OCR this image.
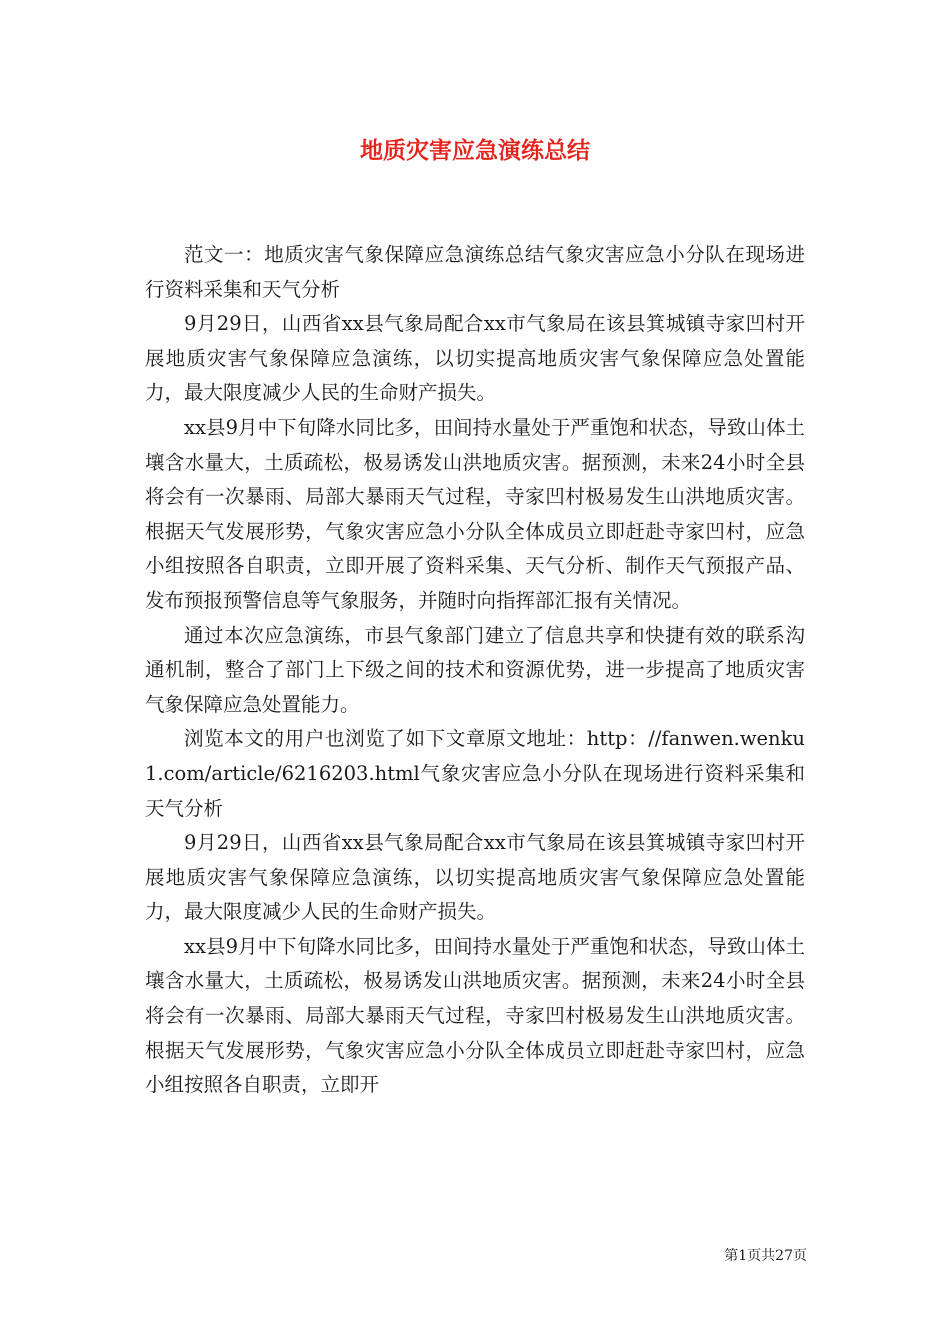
地质灾害应急演练总结

范文一：地质灾害气象保障应急演练总结气象灾害应急小分队在现场进行资料采集和天气分析

9月29日，山西省xx县气象局配合xx市气象局在该县箕城镇寺家凹村开展地质灾害气象保障应急演练，以切实提高地质灾害气象保障应急处置能力，最大限度减少人民的生命财产损失。

xx县9月中下旬降水同比多，田间持水量处于严重饱和状态，导致山体土壤含水量大，土质疏松，极易诱发山洪地质灾害。据预测，未来24小时全县将会有一次暴雨、局部大暴雨天气过程，寺家凹村极易发生山洪地质灾害。根据天气发展形势，气象灾害应急小分队全体成员立即赶赴寺家凹村，应急小组按照各自职责，立即开展了资料采集、天气分析、制作天气预报产品、发布预报预警信息等气象服务，并随时向指挥部汇报有关情况。

通过本次应急演练，市县气象部门建立了信息共享和快捷有效的联系沟通机制，整合了部门上下级之间的技术和资源优势，进一步提高了地质灾害气象保障应急处置能力。

浏览本文的用户也浏览了如下文章原文地址：http：//fanwen.wenku1.com/article/6216203.html气象灾害应急小分队在现场进行资料采集和天气分析

9月29日，山西省xx县气象局配合xx市气象局在该县箕城镇寺家凹村开展地质灾害气象保障应急演练，以切实提高地质灾害气象保障应急处置能力，最大限度减少人民的生命财产损失。

xx县9月中下旬降水同比多，田间持水量处于严重饱和状态，导致山体土壤含水量大，土质疏松，极易诱发山洪地质灾害。据预测，未来24小时全县将会有一次暴雨、局部大暴雨天气过程，寺家凹村极易发生山洪地质灾害。根据天气发展形势，气象灾害应急小分队全体成员立即赶赴寺家凹村，应急小组按照各自职责，立即开

第1页共27页
